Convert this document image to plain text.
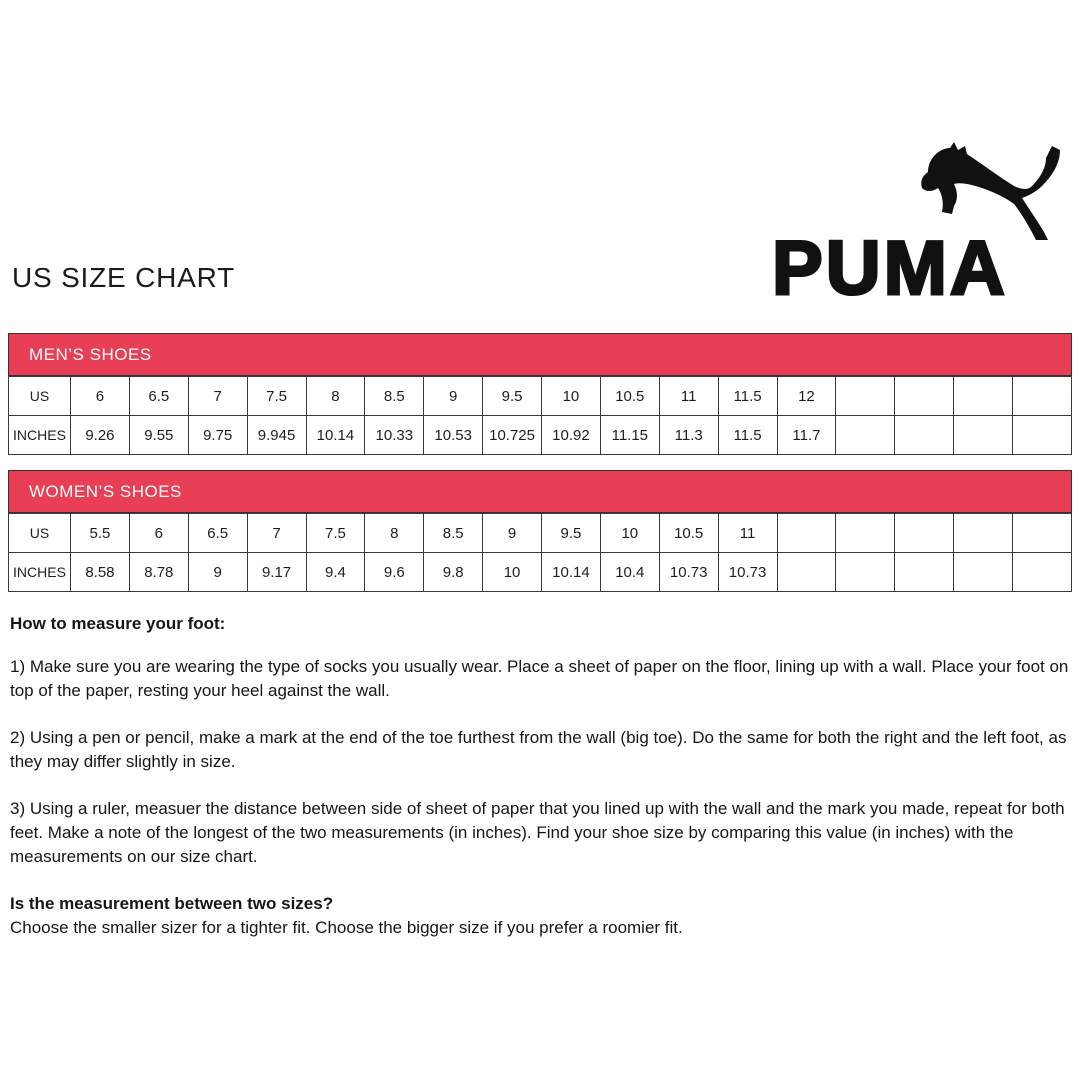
PUMA
US SIZE CHART
MEN’S SHOES
US	6	6.5	7	7.5	8	8.5	9	9.5	10	10.5	11	11.5	12				
INCHES	9.26	9.55	9.75	9.945	10.14	10.33	10.53	10.725	10.92	11.15	11.3	11.5	11.7				
WOMEN’S SHOES
US	5.5	6	6.5	7	7.5	8	8.5	9	9.5	10	10.5	11					
INCHES	8.58	8.78	9	9.17	9.4	9.6	9.8	10	10.14	10.4	10.73	10.73					

How to measure your foot:

1) Make sure you are wearing the type of socks you usually wear. Place a sheet of paper on the floor, lining up with a wall. Place your foot on top of the paper, resting your heel against the wall.

2) Using a pen or pencil, make a mark at the end of the toe furthest from the wall (big toe). Do the same for both the right and the left foot, as they may differ slightly in size.

3) Using a ruler, measuer the distance between side of sheet of paper that you lined up with the wall and the mark you made, repeat for both feet. Make a note of the longest of the two measurements (in inches). Find your shoe size by comparing this value (in inches) with the measurements on our size chart.

Is the measurement between two sizes?

Choose the smaller sizer for a tighter fit. Choose the bigger size if you prefer a roomier fit.
